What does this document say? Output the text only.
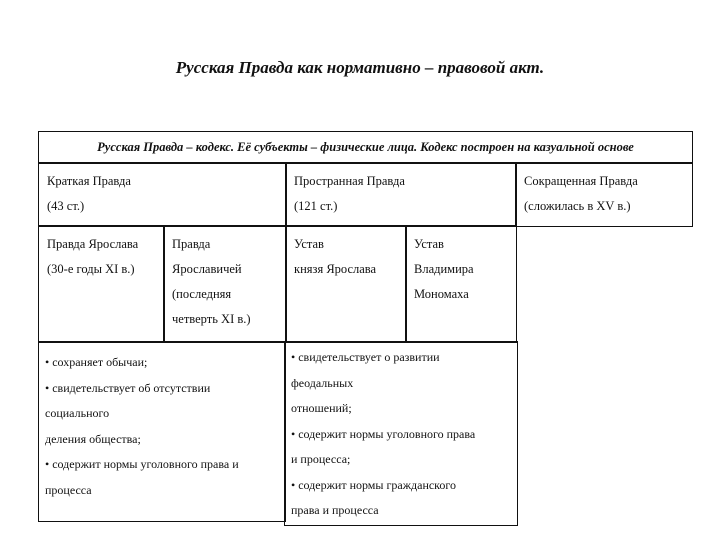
Русская Правда как нормативно – правовой акт.
Русская Правда – кодекс. Её субъекты – физические лица. Кодекс построен на казуальной основе
Краткая Правда
(43 ст.)
Пространная Правда
(121 ст.)
Сокращенная Правда
(сложилась в XV в.)
Правда Ярослава
(30-е годы XI в.)
Правда
Ярославичей
(последняя
четверть XI в.)
Устав
князя Ярослава
Устав
Владимира
Мономаха
• сохраняет обычаи;
• свидетельствует об отсутствии
социального
деления общества;
• содержит нормы уголовного права и
процесса
• свидетельствует о развитии
феодальных
отношений;
• содержит нормы уголовного права
и процесса;
• содержит нормы гражданского
права и процесса
